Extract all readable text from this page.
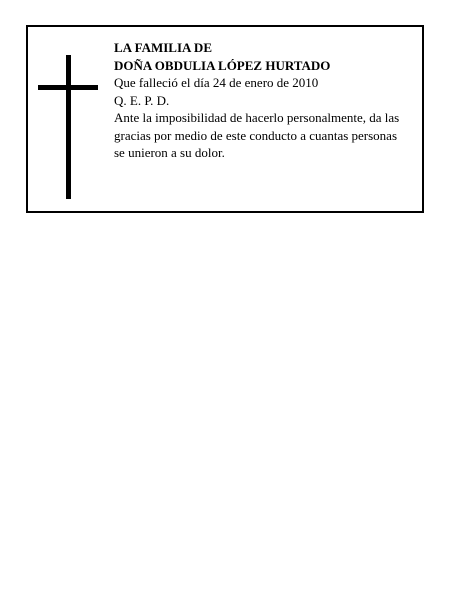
LA FAMILIA DE
DOÑA OBDULIA LÓPEZ HURTADO
Que falleció el día 24 de enero de 2010
Q. E. P. D.
Ante la imposibilidad de hacerlo personalmente, da las
gracias por medio de este conducto a cuantas personas
se unieron a su dolor.
